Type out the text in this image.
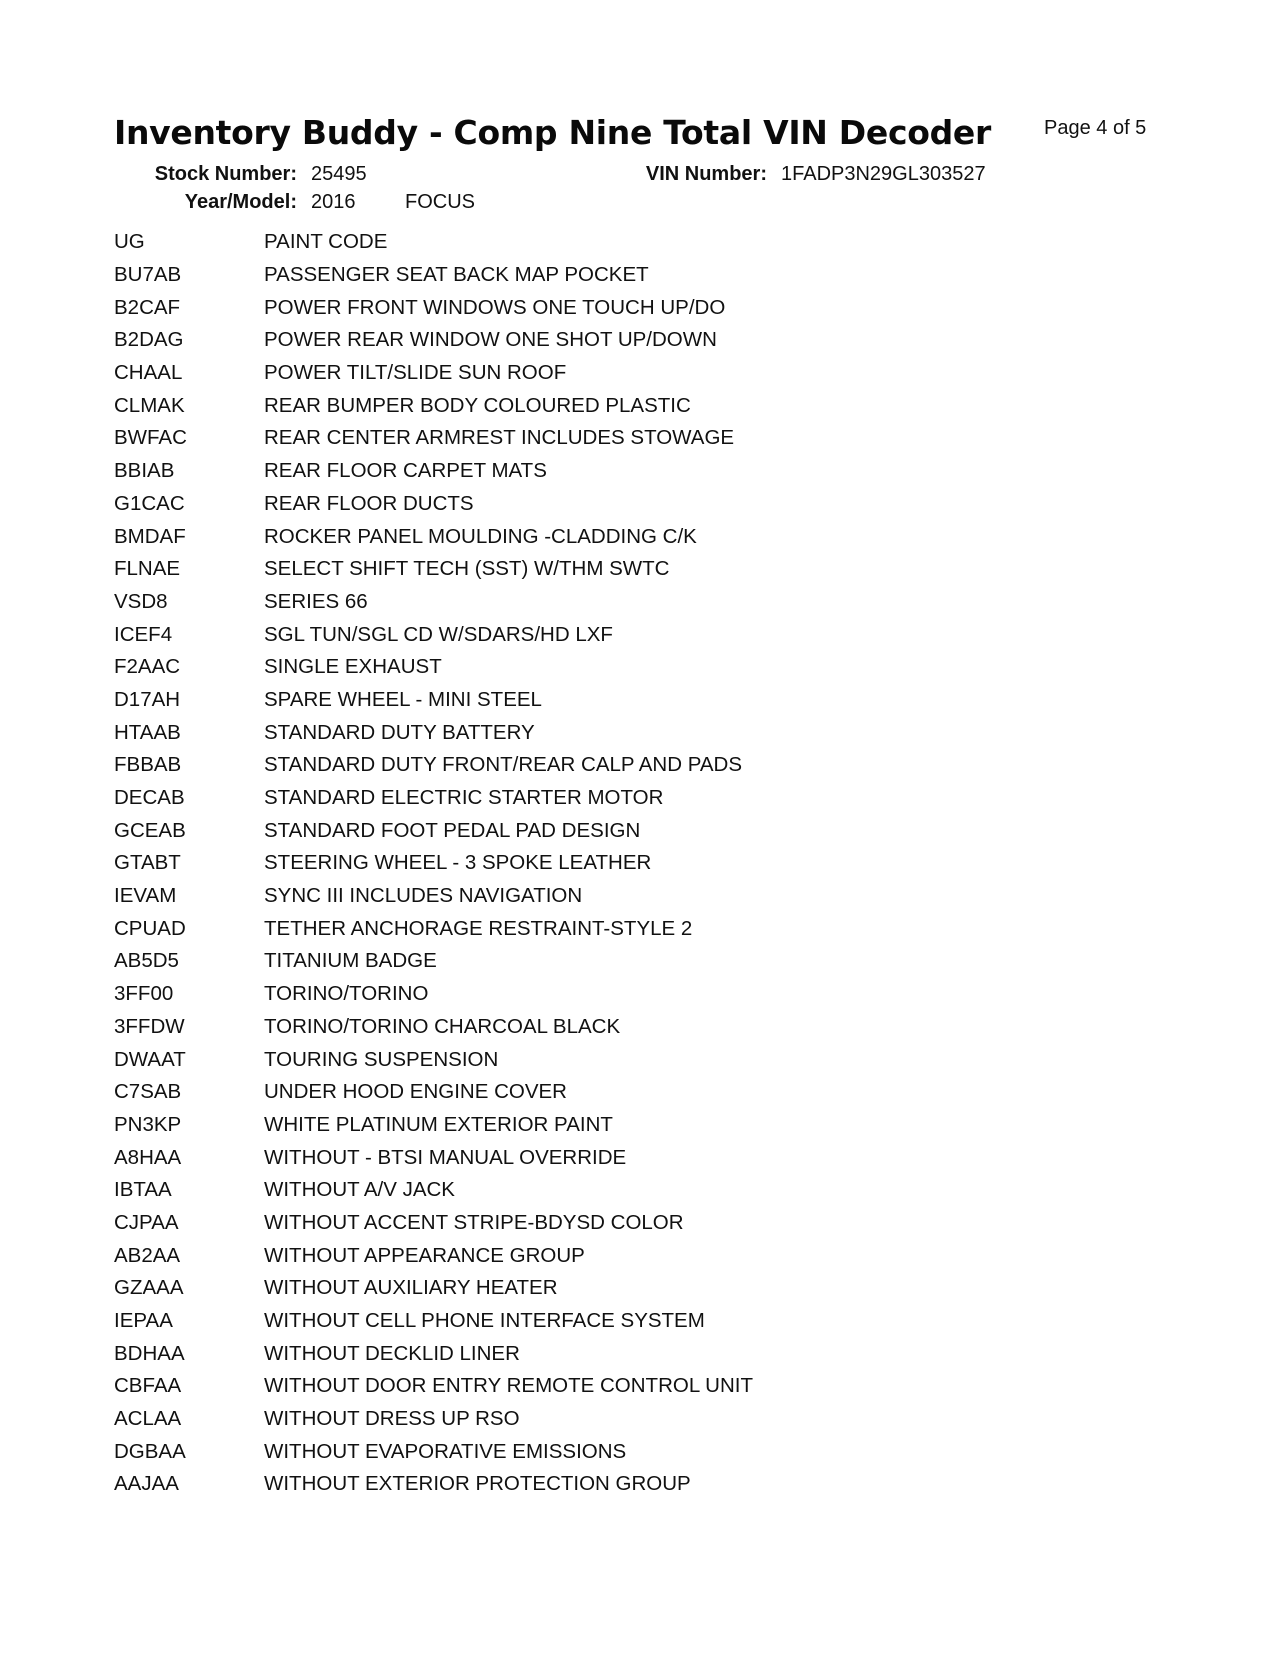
Inventory Buddy - Comp Nine Total VIN Decoder	Page 4 of 5
Stock Number: 25495	VIN Number: 1FADP3N29GL303527
Year/Model: 2016 FOCUS
UG	PAINT CODE
BU7AB	PASSENGER SEAT BACK MAP POCKET
B2CAF	POWER FRONT WINDOWS ONE TOUCH UP/DO
B2DAG	POWER REAR WINDOW ONE SHOT UP/DOWN
CHAAL	POWER TILT/SLIDE SUN ROOF
CLMAK	REAR BUMPER BODY COLOURED PLASTIC
BWFAC	REAR CENTER ARMREST INCLUDES STOWAGE
BBIAB	REAR FLOOR CARPET MATS
G1CAC	REAR FLOOR DUCTS
BMDAF	ROCKER PANEL MOULDING -CLADDING C/K
FLNAE	SELECT SHIFT TECH (SST) W/THM SWTC
VSD8	SERIES 66
ICEF4	SGL TUN/SGL CD W/SDARS/HD LXF
F2AAC	SINGLE EXHAUST
D17AH	SPARE WHEEL - MINI STEEL
HTAAB	STANDARD DUTY BATTERY
FBBAB	STANDARD DUTY FRONT/REAR CALP AND PADS
DECAB	STANDARD ELECTRIC STARTER MOTOR
GCEAB	STANDARD FOOT PEDAL PAD DESIGN
GTABT	STEERING WHEEL - 3 SPOKE LEATHER
IEVAM	SYNC III INCLUDES NAVIGATION
CPUAD	TETHER ANCHORAGE RESTRAINT-STYLE 2
AB5D5	TITANIUM BADGE
3FF00	TORINO/TORINO
3FFDW	TORINO/TORINO CHARCOAL BLACK
DWAAT	TOURING SUSPENSION
C7SAB	UNDER HOOD ENGINE COVER
PN3KP	WHITE PLATINUM EXTERIOR PAINT
A8HAA	WITHOUT - BTSI MANUAL OVERRIDE
IBTAA	WITHOUT A/V JACK
CJPAA	WITHOUT ACCENT STRIPE-BDYSD COLOR
AB2AA	WITHOUT APPEARANCE GROUP
GZAAA	WITHOUT AUXILIARY HEATER
IEPAA	WITHOUT CELL PHONE INTERFACE SYSTEM
BDHAA	WITHOUT DECKLID LINER
CBFAA	WITHOUT DOOR ENTRY REMOTE CONTROL UNIT
ACLAA	WITHOUT DRESS UP RSO
DGBAA	WITHOUT EVAPORATIVE EMISSIONS
AAJAA	WITHOUT EXTERIOR PROTECTION GROUP
